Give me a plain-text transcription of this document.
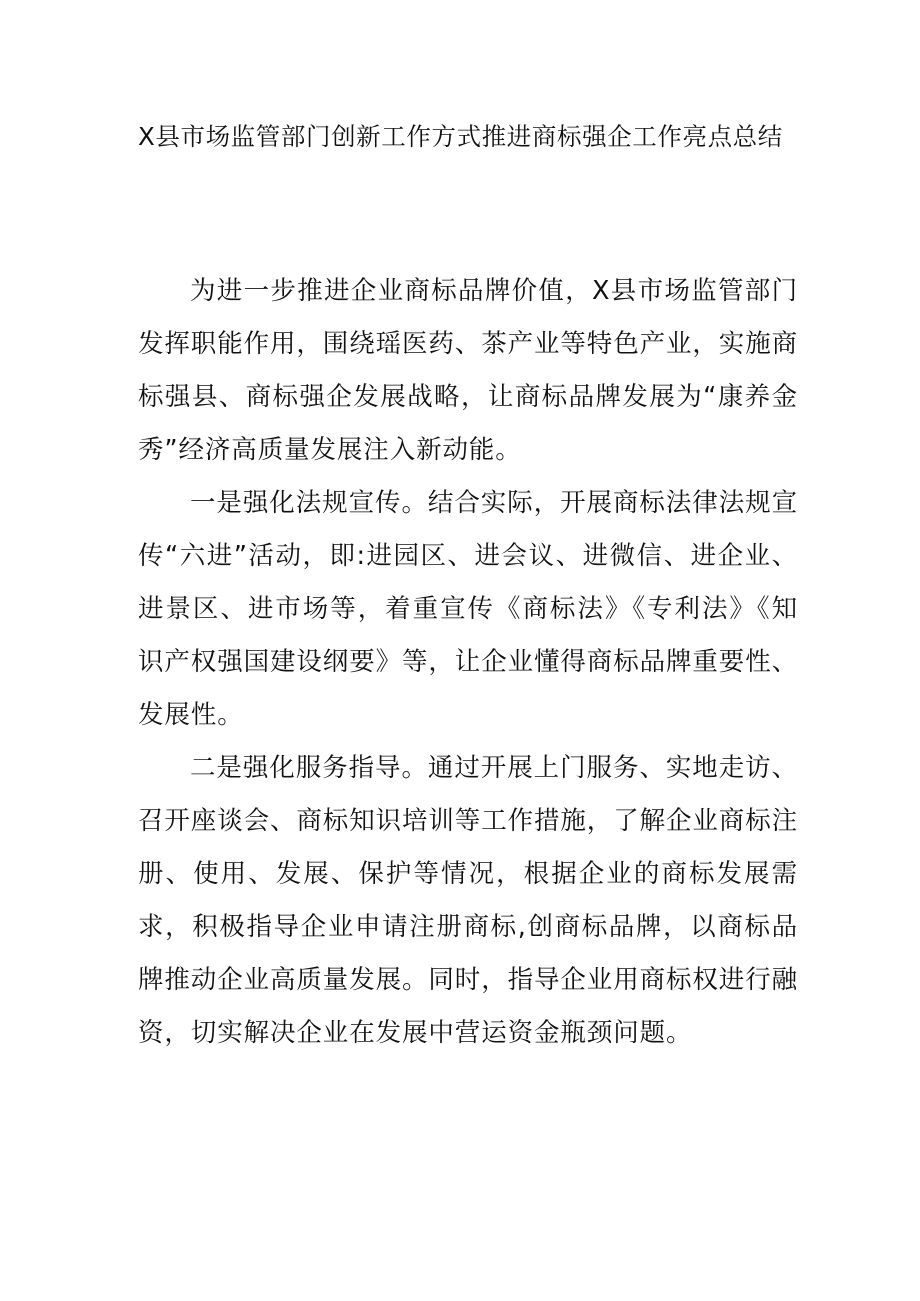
X县市场监管部门创新工作方式推进商标强企工作亮点总结

为进一步推进企业商标品牌价值，X县市场监管部门发挥职能作用，围绕瑶医药、茶产业等特色产业，实施商标强县、商标强企发展战略，让商标品牌发展为“康养金秀”经济高质量发展注入新动能。

一是强化法规宣传。结合实际，开展商标法律法规宣传“六进”活动，即:进园区、进会议、进微信、进企业、进景区、进市场等，着重宣传《商标法》《专利法》《知识产权强国建设纲要》等，让企业懂得商标品牌重要性、发展性。

二是强化服务指导。通过开展上门服务、实地走访、召开座谈会、商标知识培训等工作措施，了解企业商标注册、使用、发展、保护等情况，根据企业的商标发展需求，积极指导企业申请注册商标,创商标品牌，以商标品牌推动企业高质量发展。同时，指导企业用商标权进行融资，切实解决企业在发展中营运资金瓶颈问题。
